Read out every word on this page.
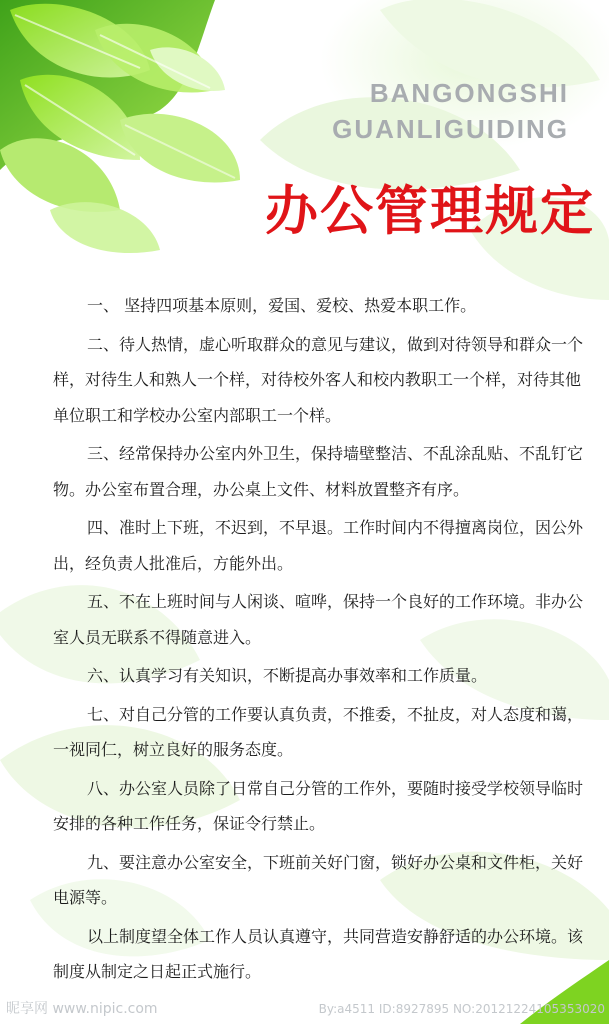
BANGONGSHI
GUANLIGUIDING
办公管理规定

一、 坚持四项基本原则，爱国、爱校、热爱本职工作。

二、待人热情，虚心听取群众的意见与建议，做到对待领导和群众一个样，对待生人和熟人一个样，对待校外客人和校内教职工一个样，对待其他单位职工和学校办公室内部职工一个样。

三、经常保持办公室内外卫生，保持墙壁整洁、不乱涂乱贴、不乱钉它物。办公室布置合理，办公桌上文件、材料放置整齐有序。

四、准时上下班，不迟到，不早退。工作时间内不得擅离岗位，因公外出，经负责人批准后，方能外出。

五、不在上班时间与人闲谈、喧哗，保持一个良好的工作环境。非办公室人员无联系不得随意进入。

六、认真学习有关知识，不断提高办事效率和工作质量。

七、对自己分管的工作要认真负责，不推委，不扯皮，对人态度和蔼，一视同仁，树立良好的服务态度。

八、办公室人员除了日常自己分管的工作外，要随时接受学校领导临时安排的各种工作任务，保证令行禁止。

九、要注意办公室安全，下班前关好门窗，锁好办公桌和文件柜，关好电源等。

以上制度望全体工作人员认真遵守，共同营造安静舒适的办公环境。该制度从制定之日起正式施行。

昵享网 www.nipic.com	By:a4511 ID:8927895 NO:20121224105353020
